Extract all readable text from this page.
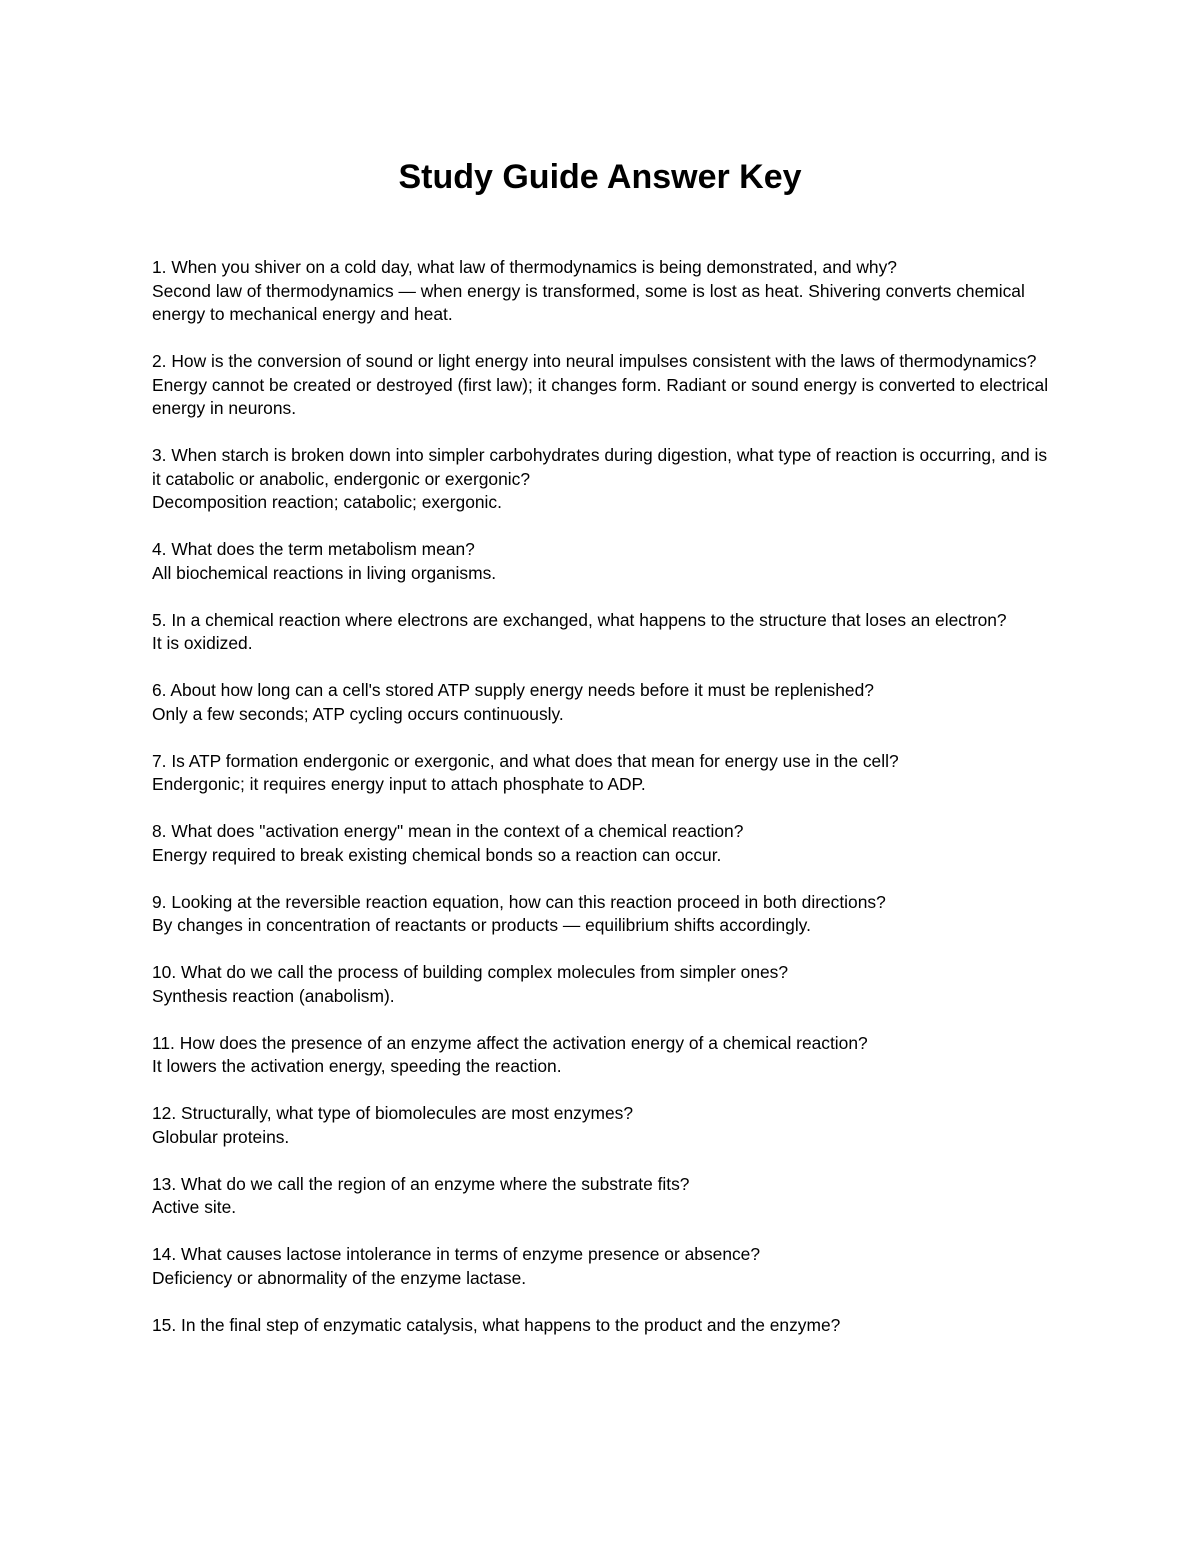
Study Guide Answer Key
1. When you shiver on a cold day, what law of thermodynamics is being demonstrated, and why?
Second law of thermodynamics — when energy is transformed, some is lost as heat. Shivering converts chemical energy to mechanical energy and heat.
2. How is the conversion of sound or light energy into neural impulses consistent with the laws of thermodynamics?
Energy cannot be created or destroyed (first law); it changes form. Radiant or sound energy is converted to electrical energy in neurons.
3. When starch is broken down into simpler carbohydrates during digestion, what type of reaction is occurring, and is it catabolic or anabolic, endergonic or exergonic?
Decomposition reaction; catabolic; exergonic.
4. What does the term metabolism mean?
All biochemical reactions in living organisms.
5. In a chemical reaction where electrons are exchanged, what happens to the structure that loses an electron?
It is oxidized.
6. About how long can a cell's stored ATP supply energy needs before it must be replenished?
Only a few seconds; ATP cycling occurs continuously.
7. Is ATP formation endergonic or exergonic, and what does that mean for energy use in the cell?
Endergonic; it requires energy input to attach phosphate to ADP.
8. What does "activation energy" mean in the context of a chemical reaction?
Energy required to break existing chemical bonds so a reaction can occur.
9. Looking at the reversible reaction equation, how can this reaction proceed in both directions?
By changes in concentration of reactants or products — equilibrium shifts accordingly.
10. What do we call the process of building complex molecules from simpler ones?
Synthesis reaction (anabolism).
11. How does the presence of an enzyme affect the activation energy of a chemical reaction?
It lowers the activation energy, speeding the reaction.
12. Structurally, what type of biomolecules are most enzymes?
Globular proteins.
13. What do we call the region of an enzyme where the substrate fits?
Active site.
14. What causes lactose intolerance in terms of enzyme presence or absence?
Deficiency or abnormality of the enzyme lactase.
15. In the final step of enzymatic catalysis, what happens to the product and the enzyme?
